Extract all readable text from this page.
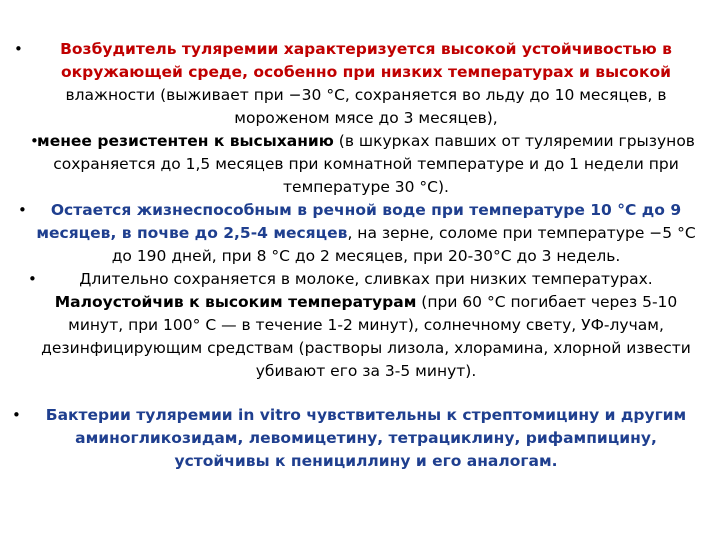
• Возбудитель туляремии характеризуется высокой устойчивостью в окружающей среде, особенно при низких температурах и высокой влажности (выживает при −30 °С, сохраняется во льду до 10 месяцев, в мороженом мясе до 3 месяцев),
•
менее резистентен к высыханию (в шкурках павших от туляремии грызунов сохраняется до 1,5 месяцев при комнатной температуре и до 1 недели при температуре 30 °С).
• Остается жизнеспособным в речной воде при температуре 10 °С до 9 месяцев, в почве до 2,5-4 месяцев, на зерне, соломе при температуре −5 °С до 190 дней, при 8 °С до 2 месяцев, при 20-30°С до 3 недель.
•	Длительно сохраняется в молоке, сливках при низких температурах. Малоустойчив к высоким температурам (при 60 °С погибает через 5-10 минут, при 100° С — в течение 1-2 минут), солнечному свету, УФ-лучам, дезинфицирующим средствам (растворы лизола, хлорамина, хлорной извести убивают его за 3-5 минут).
• Бактерии туляремии in vitro чувствительны к стрептомицину и другим аминогликозидам, левомицетину, тетрациклину, рифампицину, устойчивы к пенициллину и его аналогам.
